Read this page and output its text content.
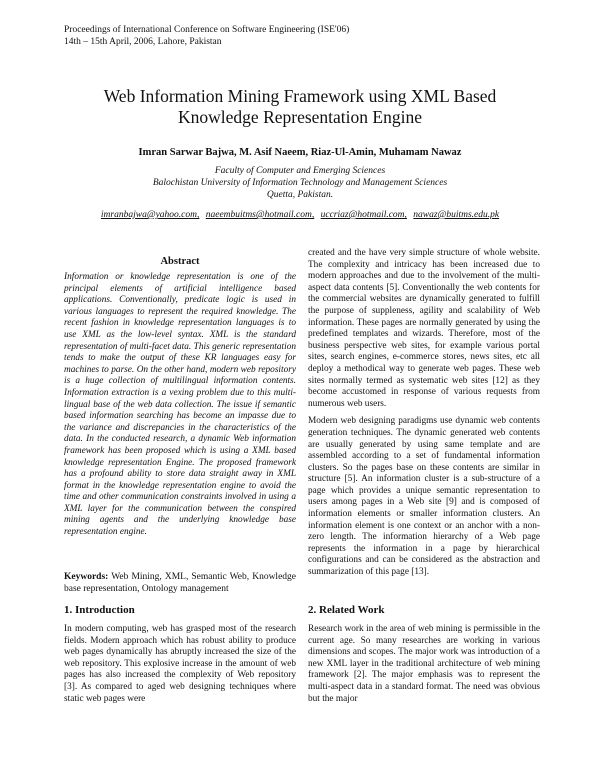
Proceedings of International Conference on Software Engineering (ISE'06)
14th – 15th April, 2006, Lahore, Pakistan
Web Information Mining Framework using XML Based
Knowledge Representation Engine
Imran Sarwar Bajwa, M. Asif Naeem, Riaz-Ul-Amin, Muhamam Nawaz
Faculty of Computer and Emerging Sciences
Balochistan University of Information Technology and Management Sciences
Quetta, Pakistan.
imranbajwa@yahoo.com, naeembuitms@hotmail.com, uccriaz@hotmail.com, nawaz@buitms.edu.pk
Abstract
Information or knowledge representation is one of the principal elements of artificial intelligence based applications. Conventionally, predicate logic is used in various languages to represent the required knowledge. The recent fashion in knowledge representation languages is to use XML as the low-level syntax. XML is the standard representation of multi-facet data. This generic representation tends to make the output of these KR languages easy for machines to parse. On the other hand, modern web repository is a huge collection of multilingual information contents. Information extraction is a vexing problem due to this multi-lingual base of the web data collection. The issue if semantic based information searching has become an impasse due to the variance and discrepancies in the characteristics of the data. In the conducted research, a dynamic Web information framework has been proposed which is using a XML based knowledge representation Engine. The proposed framework has a profound ability to store data straight away in XML format in the knowledge representation engine to avoid the time and other communication constraints involved in using a XML layer for the communication between the conspired mining agents and the underlying knowledge base representation engine.
Keywords: Web Mining, XML, Semantic Web, Knowledge base representation, Ontology management
1. Introduction
In modern computing, web has grasped most of the research fields. Modern approach which has robust ability to produce web pages dynamically has abruptly increased the size of the web repository. This explosive increase in the amount of web pages has also increased the complexity of Web repository [3]. As compared to aged web designing techniques where static web pages were

created and the have very simple structure of whole website. The complexity and intricacy has been increased due to modern approaches and due to the involvement of the multi-aspect data contents [5]. Conventionally the web contents for the commercial websites are dynamically generated to fulfill the purpose of suppleness, agility and scalability of Web information. These pages are normally generated by using the predefined templates and wizards. Therefore, most of the business perspective web sites, for example various portal sites, search engines, e-commerce stores, news sites, etc all deploy a methodical way to generate web pages. These web sites normally termed as systematic web sites [12] as they become accustomed in response of various requests from numerous web users.

Modern web designing paradigms use dynamic web contents generation techniques. The dynamic generated web contents are usually generated by using same template and are assembled according to a set of fundamental information clusters. So the pages base on these contents are similar in structure [5]. An information cluster is a sub-structure of a page which provides a unique semantic representation to users among pages in a Web site [9] and is composed of information elements or smaller information clusters. An information element is one context or an anchor with a non-zero length. The information hierarchy of a Web page represents the information in a page by hierarchical configurations and can be considered as the abstraction and summarization of this page [13].

2. Related Work
Research work in the area of web mining is permissible in the current age. So many researches are working in various dimensions and scopes. The major work was introduction of a new XML layer in the traditional architecture of web mining framework [2]. The major emphasis was to represent the multi-aspect data in a standard format. The need was obvious but the major
